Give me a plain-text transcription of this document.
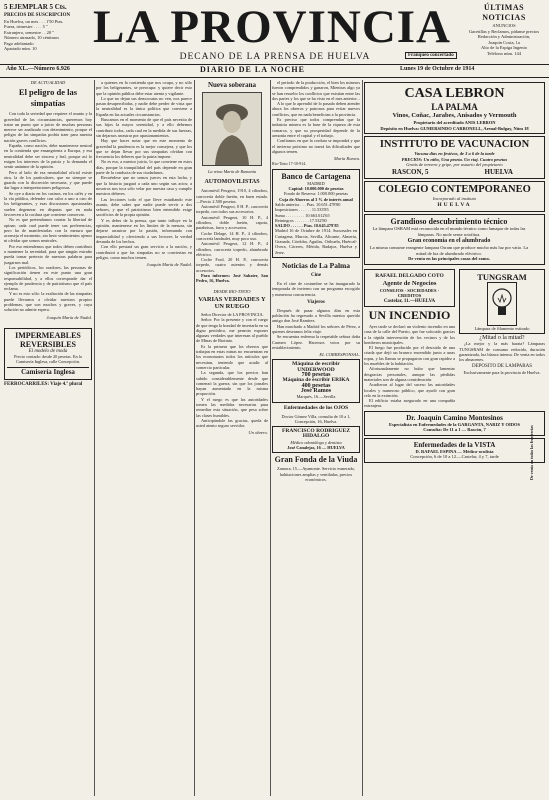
5 EJEMPLAR 5 Cts.
PRECIOS DE SUSCRIPCION
En Huelva, un mes . . . 1'50 Ptas.
Fuera, trimestre . . . . 5 "
Extranjero, semestre . . 20 "
Número atrasado, 10 céntimos
Pago adelantado
Apartado núm. 10	LA PROVINCIA
DECANO DE LA PRENSA DE HUELVA	Franqueo concertado
ÚLTIMAS NOTICIAS
ANUNCIOS
Gacetillas y Reclamos, pídanse precios
Redacción y Administración,
Joaquín Costa, 1a
Alto de la Espiga Ingenio
Teléfono núm. 144
Año XL.—Número 6.926	DIARIO DE LA NOCHE	Lunes 19 de Octubre de 1914
DE ACTUALIDAD
El peligro de las simpatías

Con toda la seriedad que requiere el asunto y la gravedad de las circunstancias, queremos hoy tratar un punto que a juicio de muchas personas merece ser analizado con detenimiento, porque el peligro de las simpatías podría traer para nuestra nación graves conflictos.

España, como nación, debe mantenerse neutral en la contienda que ensangrienta a Europa, y esa neutralidad debe ser sincera y leal, porque así lo exigen los intereses de la patria y lo demanda el sentir unánime de la opinión.

Pero al lado de esa neutralidad oficial existe otra, la de los particulares, que no siempre se guarda con la discreción necesaria, y que puede dar lugar a interpretaciones peligrosas.

Se oye a diario en los casinos, en los cafés y en la vía pública, defender con calor a uno u otro de los beligerantes, y esas discusiones apasionadas suelen degenerar en disputas que en nada favorecen a la cordura que conviene conservar.

No es que pretendamos coartar la libertad de opinar; cada cual puede tener sus preferencias, pero ha de manifestarlas con la mesura que aconseja el momento, sin herir sentimientos ajenos ni olvidar que somos neutrales.

Por eso entendemos que todos deben contribuir a mantener la serenidad, para que ningún extraño pueda tomar pretexto de nuestras palabras para juzgarnos mal.

Los periódicos, los oradores, las personas de significación tienen en este punto una gran responsabilidad, y a ellos corresponde dar el ejemplo de prudencia y de patriotismo que el país reclama.

Y no es esto sólo: la exaltación de las simpatías puede llevarnos a olvidar nuestros propios problemas, que son muchos y graves, y cuya solución no admite espera.

Joaquín María de Nadal.
IMPERMEABLES REVERSIBLES
El modelo de moda
Precio contado: desde 20 pesetas. En la Camisería Inglesa, calle Concepción.
Camisería Inglesa
FERROCARRILES: Viaje 4.º plural

a quienes en la contienda que nos ocupa, y no sólo por los beligerantes, se preocupa: y quiere decir esto que la opinión pública debe estar atenta y vigilante.

Lo que no dejan sus democratas no ven, nos parece pasan desapercibidas, y nadie debe perder de vista que la neutralidad es la única política que conviene a España en las actuales circunstancias.

Buscamos en el momento de que el país necesita de sus hijos la mayor serenidad, y a ello debemos contribuir todos, cada cual en la medida de sus fuerzas, sin dejarnos arrastrar por apasionamientos.

Hay que hacer notar que en este momento de gravedad la prudencia es la mejor consejera, y que los que se dejan llevar por sus simpatías olvidan con frecuencia los deberes que la patria impone.

No es eso, a nuestro juicio, lo que conviene en estos días, porque la tranquilidad del país depende en gran parte de la conducta de sus ciudadanos.

Recuérdese que no somos jueces en esta lucha, y que la historia juzgará a cada uno según sus actos; a nosotros nos toca sólo velar por nuestra casa y cumplir nuestros deberes.

Las lecciones todo el que lleve estudiando este asunto, debe saber que nadie puede servir a dos señores, y que el patriotismo bien entendido exige sacrificios de la propia opinión.

Y es deber de la prensa, que tanto influye en la opinión, mantenerse en los límites de la mesura, sin dejarse arrastrar por la pasión, informando con imparcialidad y ofreciendo a sus lectores la verdad desnuda de los hechos.

Con ello prestará un gran servicio a la nación, y contribuirá a que las simpatías no se conviertan en peligro, como muchos temen.

Joaquín María de Nadal.
Nueva soberana
La reina María de Rumanía
AUTOMOVILISTAS

Automóvil Peugeot, 1910, 4 cilindros, carrocería doble faetón, en buen estado.—Precio 2.500 pesetas.

Automóvil Peugeot, 8 H. P., carrocería torpedo, con todos sus accesorios.

Automóvil Peugeot, 10 H. P., 4 cilindros, doble faetón, capota, parabrisas, faros y accesorios.

Coche Delage, 14 H. P., 4 cilindros, carrocería landaulet, muy poco uso.

Automóvil Peugeot, 12 H. P., 4 cilindros, carrocería torpedo, alumbrado eléctrico.

Coche Ford, 20 H. P., carrocería torpedo, cuatro asientos y demás accesorios.

Para informes: José Sabater, San Pedro, 16, Huelva.

DESDE RIO-TINTO
VARIAS VERDADES Y UN RUEGO

Señor Director de LA PROVINCIA.

Señor: Por la presente y con el ruego de que tenga la bondad de insertarla en su digno periódico, me permito exponer algunas verdades que interesan al pueblo de Minas de Riotinto.

Es la primera que los obreros que trabajan en estas minas no encuentran en los economatos todos los artículos que necesitan, teniendo que acudir al comercio particular.

La segunda, que los precios han subido considerablemente desde que comenzó la guerra, sin que los jornales hayan aumentado en la misma proporción.

Y el ruego es que las autoridades tomen las medidas necesarias para remediar esta situación, que pesa sobre las clases humildes.

Anticipándole las gracias, queda de usted atento seguro servidor.

Un obrero.

el período de la producción, el bien los mineros fueron comprendidos y ganaron, Mientras algo ya se han resuelto los conflictos que existían entre las dos partes y los que se ha visto en el mes anterior...

A lo que lo aprendió de lo pasado deben atender ahora los obreros y patronos para evitar nuevos conflictos, que en nada benefician a la provincia.

Es preciso que todos comprendan que la industria minera es la base de la riqueza de esta comarca, y que su prosperidad depende de la armonía entre el capital y el trabajo.

Confiamos en que la cordura se impondrá y que el invierno próximo no traerá las dificultades que algunos temen.

María Romeu.
Rio-Tinto 17-10-914.
Banco de Cartagena
MADRID
Capital: 10.000.000 de pesetas
Fondo de Reserva: 1.000.000 pesetas
Cuja de Ahorros al 3 % de interés anual
Saldo anterior . . . Ptas. 10.651.478'80
Imposiciones . . . . . . 11.533'85
Suma . . . . . . . . . 10.663.012'65
Reintegros . . . . . . . 17.532'80
SALDO . . . . . . Ptas. 10.645.479'85
Madrid 16 de Octubre de 1914. Sucursales en Cartagena, Murcia, Sevilla, Alicante, Almería, Granada, Córdoba, Aguilas, Orihuela, Huércal-Overa, Cáceres, Mérida, Badajoz, Huelva y Jerez.
Noticias de La Palma
Cine

En el cine de costumbre se ha inaugurado la temporada de invierno con un programa escogido y numerosa concurrencia.

Viajeros

Después de pasar algunos días en esta población ha regresado a Sevilla nuestro querido amigo don José Ramírez.

Han marchado a Madrid los señores de Pérez, a quienes deseamos feliz viaje.

Se encuentra enferma la respetable señora doña Carmen López. Hacemos votos por su restablecimiento.

EL CORRESPONSAL.
Máquina de escribir UNDERWOOD
700 pesetas
Máquina de escribir ERIKA
400 pesetas
José Ramos
Marqués, 16.—Sevilla
Enfermedades de los OJOS
Doctor Gómez Villa, consulta de 10 a 1, Concepción, 16, Huelva.
FRANCISCO RODRIGUEZ HIDALGO
Médico odontólogo y dentista
José Canalejas, 16 — HUELVA
Gran Fonda de la Viuda
Zamora, 15.—Ayamonte. Servicio esmerado, habitaciones amplias y ventiladas, precios económicos.
CASA LEBRON
LA PALMA
Vinos, Coñac, Jarabes, Anisados y Vermouth
Propietario del acreditado ANIS LEBRON
Depósito en Huelva: GUMERSINDO CARBONELL, Arenal-Bulgay, Núm 18
INSTITUTO DE VACUNACION
Vacuna días en festivos, de 3 a 6 de la tarde
PRECIOS: Un niño, Una peseta. Un viaj. Cuatro pesetas
Gratis de ternera y gripe, por usuario del propietario
RASCON, 5	HUELVA
COLEGIO CONTEMPORANEO
Incorporado al instituto
HUELVA
Grandioso descubrimiento técnico
La lámpara OSRAM está reconocida en el mundo técnico como lamapar de todas las lámparas. No mole sense rotofitoa.
Gran economía en el alumbrado
La misma consume reangente lampara Osram que produce mucho más luz por vatio. La mitad de luz de alumbrado eléctrico.
De venta en las principales casas del ramo.
RAFAEL DELGADO COTO
Agente de Negocios
CONSEJOS · SOCIEDADES · CREDITOS
Castelar, 11.—HUELVA
UN INCENDIO

Ayer tarde se declaró un violento incendio en una casa de la calle del Puerto, que fue sofocado gracias a la rápida intervención de los vecinos y de los bomberos municipales.

El fuego fue producido por el descuido de una criada que dejó un brasero encendido junto a unas ropas, y las llamas se propagaron con gran rapidez a los muebles de la habitación.

Afortunadamente no hubo que lamentar desgracias personales, aunque las pérdidas materiales son de alguna consideración.

Acudieron al lugar del suceso las autoridades locales y numeroso público, que ayudó con gran celo en la extinción.

El edificio estaba asegurado en una compañía extranjera.

TUNGSRAM
Lámpara de filamento estirado
¿Mitad o la mitad?

¿La mejor y la más barata? Lámparas TUNGSRAM de consumo reducido, duración garantizada, luz blanca intensa. De venta en todos los almacenes.

DEPOSITO DE LAMPARAS
Exclusivamente para la provincia de Huelva.
Dr. Joaquín Camino Montesinos
Especialista en Enfermedades de la GARGANTA, NARIZ Y OIDOS
Consulta: De 11 a 1 — Rascón, 7
Enfermedades de la VISTA
D. RAFAEL ESPINA — Médico-oculista
Concepción, 6 de 10 a 12.—Castelar, 4 y 7, tarde	De venta en todas las ferreterías
